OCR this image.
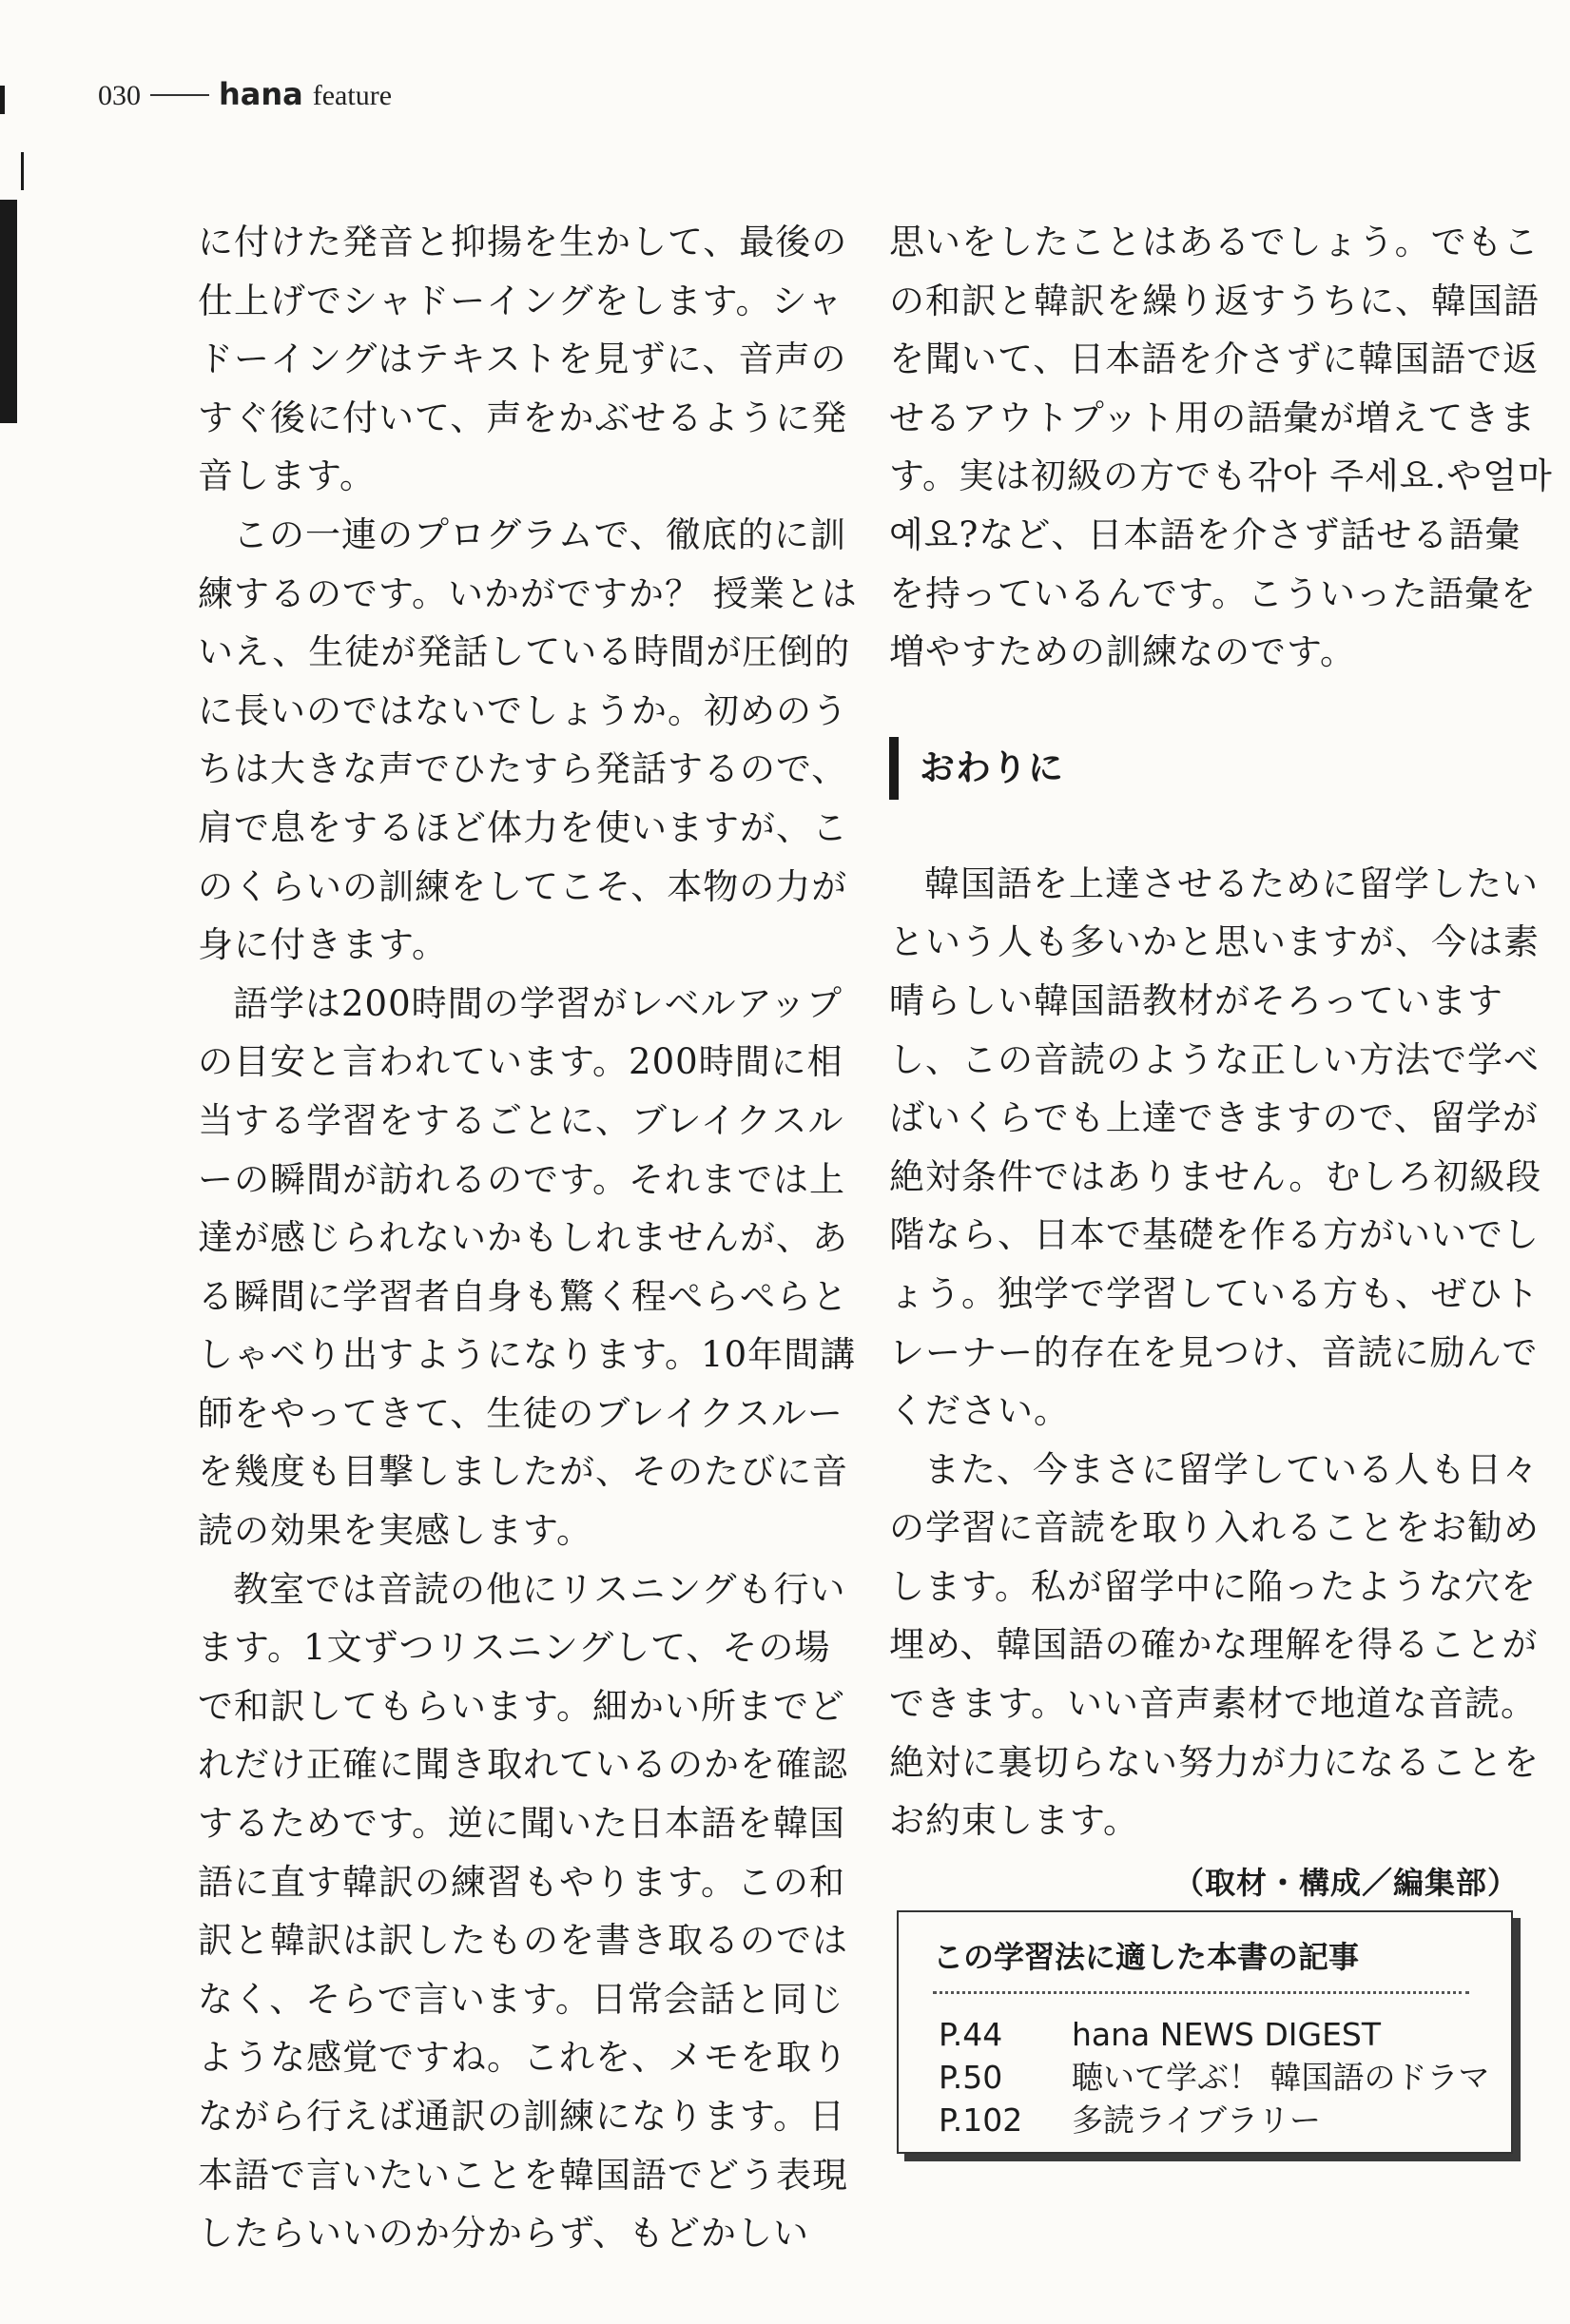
030	hana feature

に付けた発音と抑揚を生かして、最後の仕上げでシャドーイングをします。シャドーイングはテキストを見ずに、音声のすぐ後に付いて、声をかぶせるように発音します。

この一連のプログラムで、徹底的に訓練するのです。いかがですか？ 授業とはいえ、生徒が発話している時間が圧倒的に長いのではないでしょうか。初めのうちは大きな声でひたすら発話するので、肩で息をするほど体力を使いますが、このくらいの訓練をしてこそ、本物の力が身に付きます。

語学は200時間の学習がレベルアップの目安と言われています。200時間に相当する学習をするごとに、ブレイクスルーの瞬間が訪れるのです。それまでは上達が感じられないかもしれませんが、ある瞬間に学習者自身も驚く程ぺらぺらとしゃべり出すようになります。10年間講師をやってきて、生徒のブレイクスルーを幾度も目撃しましたが、そのたびに音読の効果を実感します。

教室では音読の他にリスニングも行います。1文ずつリスニングして、その場で和訳してもらいます。細かい所までどれだけ正確に聞き取れているのかを確認するためです。逆に聞いた日本語を韓国語に直す韓訳の練習もやります。この和訳と韓訳は訳したものを書き取るのではなく、そらで言います。日常会話と同じような感覚ですね。これを、メモを取りながら行えば通訳の訓練になります。日本語で言いたいことを韓国語でどう表現したらいいのか分からず、もどかしい

思いをしたことはあるでしょう。でもこの和訳と韓訳を繰り返すうちに、韓国語を聞いて、日本語を介さずに韓国語で返せるアウトプット用の語彙が増えてきます。実は初級の方でも갂아 주세요.や얼마예요?など、日本語を介さず話せる語彙を持っているんです。こういった語彙を増やすための訓練なのです。

おわりに

韓国語を上達させるために留学したいという人も多いかと思いますが、今は素晴らしい韓国語教材がそろっていますし、この音読のような正しい方法で学べばいくらでも上達できますので、留学が絶対条件ではありません。むしろ初級段階なら、日本で基礎を作る方がいいでしょう。独学で学習している方も、ぜひトレーナー的存在を見つけ、音読に励んでください。

また、今まさに留学している人も日々の学習に音読を取り入れることをお勧めします。私が留学中に陥ったような穴を埋め、韓国語の確かな理解を得ることができます。いい音声素材で地道な音読。絶対に裏切らない努力が力になることをお約束します。

（取材・構成／編集部）
この学習法に適した本書の記事
P.44	hana NEWS DIGEST
P.50	聴いて学ぶ！ 韓国語のドラマ
P.102	多読ライブラリー
